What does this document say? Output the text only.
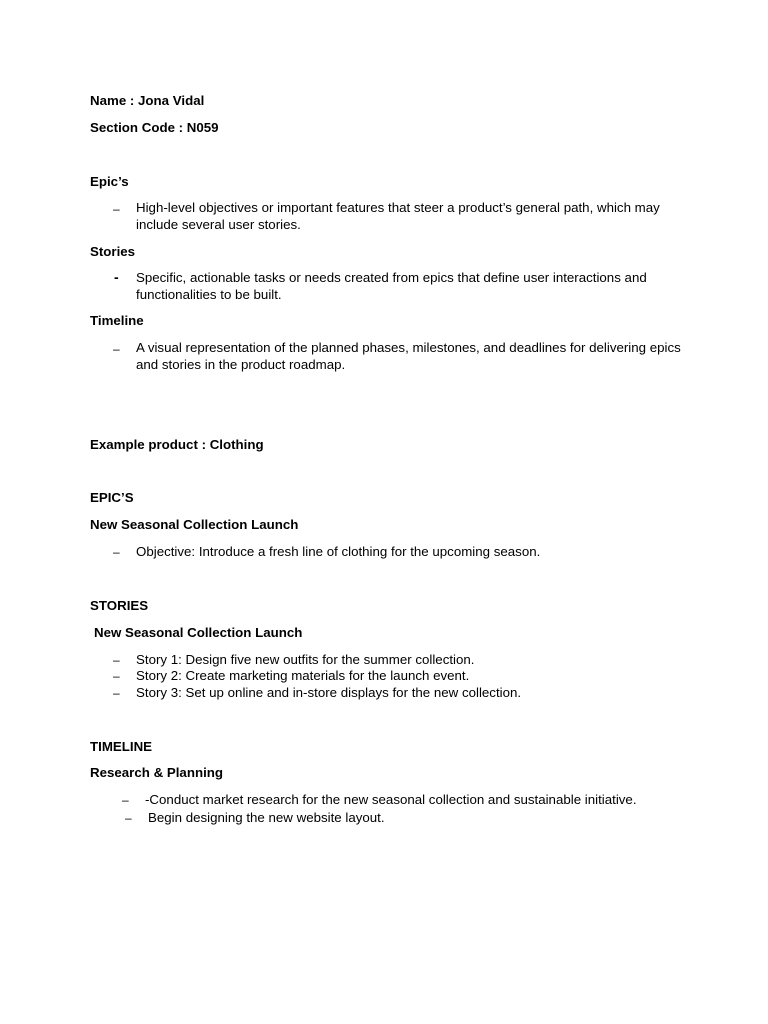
Name : Jona Vidal
Section Code : N059
Epic’s
– High-level objectives or important features that steer a product’s general path, which may include several user stories.
Stories
- Specific, actionable tasks or needs created from epics that define user interactions and functionalities to be built.
Timeline
– A visual representation of the planned phases, milestones, and deadlines for delivering epics and stories in the product roadmap.
Example product : Clothing
EPIC’S
New Seasonal Collection Launch
– Objective: Introduce a fresh line of clothing for the upcoming season.
STORIES
New Seasonal Collection Launch
– Story 1: Design five new outfits for the summer collection.
– Story 2: Create marketing materials for the launch event.
– Story 3: Set up online and in-store displays for the new collection.
TIMELINE
Research & Planning
– -Conduct market research for the new seasonal collection and sustainable initiative.
– Begin designing the new website layout.
